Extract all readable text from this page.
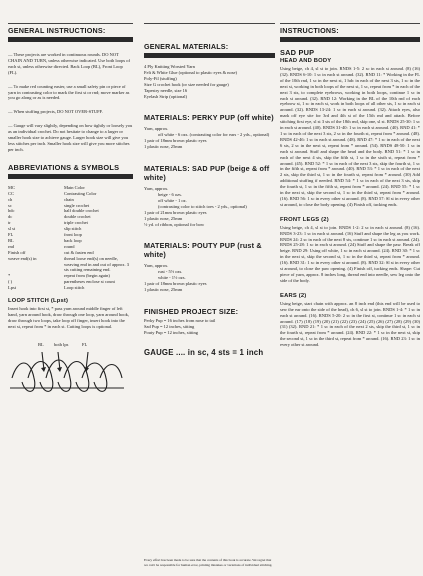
GENERAL INSTRUCTIONS:

— These projects are worked in continuous rounds. DO NOT CHAIN AND TURN, unless otherwise indicated. Use both loops of each st, unless otherwise directed. Back Loop (BL), Front Loop (FL).

— To make red counting easier, use a small safety pin or piece of yarn in contrasting color to mark the first st or rnd; move marker as you go along or as is needed.

— When stuffing projects, DO NOT OVER-STUFF.

— Gauge will vary slightly, depending on how tightly or loosely you as an individual crochet. Do not hesitate to change to a larger or smaller hook size to achieve gauge. Larger hook size will give you less stitches per inch. Smaller hook size will give you more stitches per inch.

ABBREVIATIONS & SYMBOLS
MC	Main Color
CC	Contrasting Color
ch	chain
sc	single crochet
hdc	half double crochet
dc	double crochet
tr	triple crochet
sl st	slip stitch
FL	front loop
BL	back loop
rnd	round
Finish off	cut & fasten end
weave end(s) in	thread loose end(s) on needle, weaving end in and out of approx. 3 sts cutting remaining end.
*	repeat from (begin again)
( )	parentheses enclose st count
Lpst	Loop stitch
LOOP STITCH (Lpst)

Insert hook into first st, * pass yarn around middle finger of left hand, yarn around hook, draw through one loop, yarn around hook, draw through two loops, take loop off finger, insert hook into the next st, repeat from * in each st. Cutting loops is optional.

BL both lps	FL
GENERAL MATERIALS:

4 Ply Knitting Worsted Yarn

Felt & White Glue (optional to plastic eyes & nose)

Poly-Fil (stuffing)

Size G crochet hook (or size needed for gauge)

Tapestry needle, size 16

Eyelash Strip (optional)

MATERIALS: PERKY PUP (off white)

Yarn, approx.

off white - 6 ozs. (contrasting color for ears - 2 yds., optional)

1 pair of 18mm brown plastic eyes

1 plastic nose, 25mm

MATERIALS: SAD PUP (beige & off white)

Yarn, approx.

beige - 6 ozs.

off white - 1 oz.

(contrasting color to stitch toes - 2 yds., optional)

1 pair of 21mm brown plastic eyes

1 plastic nose, 25mm

½ yd. of ribbon, optional for bow

MATERIALS: POUTY PUP (rust & white)

Yarn, approx.

rust - 5½ ozs.

white - 1½ ozs.

1 pair of 18mm brown plastic eyes

1 plastic nose, 25mm

FINISHED PROJECT SIZE:

Perky Pup = 16 inches from nose to tail

Sad Pup = 12 inches, sitting

Pouty Pup = 12 inches, sitting

GAUGE .... in sc, 4 sts = 1 inch

Every effort has been made to be sure that the contents of this book is accurate. We regret that we can't be responsible for human error, printing mistakes or variations of individual stitching.

INSTRUCTIONS:
SAD PUP
HEAD AND BODY

Using beige, ch 4, sl st to join. RNDS 1-5: 2 sc in each st around. (8) (16) (32). RNDS 6-10: 1 sc in each st around. (32). RND 11: * Working in the FL of the 10th rnd, 1 sc in the next st, 1 hdc in each of the next 3 sts, 1 sc in the next st, working in both loops of the next st, 1 sc, repeat from * in each of the next 3 sts, to complete eyebrows, working in both loops, continue 1 sc in each st around. (32). RND 12: Working in the BL of the 10th rnd of each eyebrow st, 1 sc in each st, work in both loops of all other sts, 1 sc in each st around. (32). RNDS 13-24: 1 sc in each st around. (32). Attach eyes, also mark off eye site for 3rd and 4th st of the 15th rnd and attach. Before stitching first eye, sl st 3 sts of the 18th rnd, skip one, sl st. RNDS 25-30: 1 sc in each st around. (40). RNDS 31-40: 1 sc in each st around. (40). RND 41: * 1 sc in each of the next 3 sts, 2 sc in the fourth st, repeat from * around. (48). RNDS 42-46: 1 sc in each st around. (48). RND 47: * 1 sc in each of the next 6 sts, 2 sc in the next st, repeat from * around. (54). RNDS 48-50: 1 sc in each st around. Stuff and shape the head and the body. RND 51: * 1 sc in each of the next 4 sts, skip the fifth st, 1 sc in the sixth st, repeat from * around. (45). RND 52: * 1 sc in each of the next 3 sts, skip the fourth st, 1 sc in the fifth st, repeat from * around. (40). RND 53: * 1 sc in each of the next 2 sts, skip the third st, 1 sc in the fourth st, repeat from * around. (30) Add additional stuffing if needed. RND 54: * 1 sc in each of the next 3 sts, skip the fourth st, 1 sc in the fifth st, repeat from * around. (24). RND 55: * 1 sc in the next st, skip the second st, 1 sc in the third st, repeat from * around. (16). RND 56: 1 sc in every other st around. (8). RND 57: Sl st in every other st around, to close the body opening. (4) Finish off, tucking ends.

FRONT LEGS (2)

Using beige, ch 4, sl st to join. RNDS 1-2: 2 sc in each st around. (8) (16). RNDS 3-23: 1 sc in each st around. (16) Stuff and shape the leg as you work. RNDS 24: 2 sc in each of the next 8 sts, continue 1 sc in each st around. (24). RNDS 25-28: 1 sc in each st around. (24) Stuff and shape the paw. Break off beige. RND 29: Using off white, 1 sc in each st around. (24). RND 30: * 1 sc in the next st, skip the second st, 1 sc in the third st, repeat from * around. (16). RND 31: 1 sc in every other st around. (8). RND 32: Sl st in every other st around, to close the paw opening. (4) Finish off, tucking ends. Shape: Cut piece of yarn, approx. 8 inches long, thread end into needle, sew leg onto the side of the body.

EARS (2)

Using beige, start chain with approx. an 8 inch end (this end will be used to sew the ear onto the side of the head), ch 6, sl st to join. RNDS 1-4: * 1 sc in each st around. (16). RNDS 5-20: 2 sc in the first st, continue 1 sc in each st around. (17) (18) (19) (20) (21) (22) (23) (24) (25) (26) (27) (28) (29) (30) (31) (32). RND 21: * 1 sc in each of the next 2 sts, skip the third st, 1 sc in the fourth st, repeat from * around. (24). RND 22: * 1 sc in the next st, skip the second st, 1 sc in the third st, repeat from * around. (16). RND 23: 1 sc in every other st around.
